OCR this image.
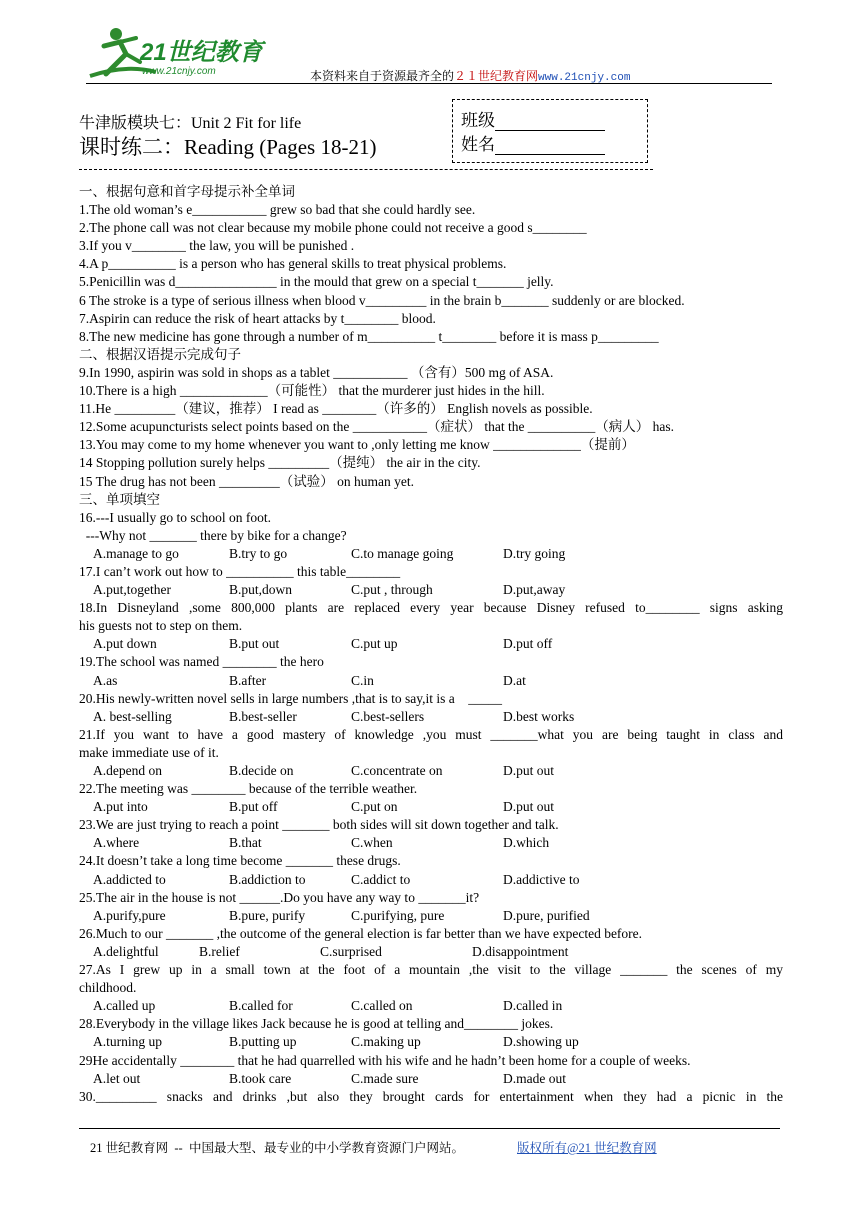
21世纪教育
www.21cnjy.com	本资料来自于资源最齐全的２１世纪教育网www.21cnjy.com
牛津版模块七：Unit 2 Fit for life
课时练二：Reading (Pages 18-21)
班级
姓名
一、根据句意和首字母提示补全单词
1.The old woman’s e___________ grew so bad that she could hardly see.
2.The phone call was not clear because my mobile phone could not receive a good s________
3.If you v________ the law, you will be punished .
4.A p__________ is a person who has general skills to treat physical problems.
5.Penicillin was d_______________ in the mould that grew on a special t_______ jelly.
6 The stroke is a type of serious illness when blood v_________ in the brain b_______ suddenly or are blocked.
7.Aspirin can reduce the risk of heart attacks by t________ blood.
8.The new medicine has gone through a number of m__________ t________ before it is mass p_________
二、根据汉语提示完成句子
9.In 1990, aspirin was sold in shops as a tablet ___________ （含有）500 mg of ASA.
10.There is a high _____________（可能性） that the murderer just hides in the hill.
11.He _________（建议，推荐） I read as ________（许多的） English novels as possible.
12.Some acupuncturists select points based on the ___________（症状） that the __________（病人） has.
13.You may come to my home whenever you want to ,only letting me know _____________（提前）
14 Stopping pollution surely helps _________（提纯） the air in the city.
15 The drug has not been _________（试验） on human yet.
三、单项填空
16.---I usually go to school on foot.
---Why not _______ there by bike for a change?
A.manage to go	B.try to go	C.to manage going	D.try going
17.I can’t work out how to __________ this table________
A.put,together	B.put,down	C.put , through	D.put,away
18.In Disneyland ,some 800,000 plants are replaced every year because Disney refused to________ signs asking
his guests not to step on them.
A.put down	B.put out	C.put up	D.put off
19.The school was named ________ the hero
A.as	B.after	C.in	D.at
20.His newly-written novel sells in large numbers ,that is to say,it is a    _____
A. best-selling	B.best-seller	C.best-sellers	D.best works
21.If you want to have a good mastery of knowledge ,you must _______what you are being taught in class and
make immediate use of it.
A.depend on	B.decide on	C.concentrate on	D.put out
22.The meeting was ________ because of the terrible weather.
A.put into	B.put off	C.put on	D.put out
23.We are just trying to reach a point _______ both sides will sit down together and talk.
A.where	B.that	C.when	D.which
24.It doesn’t take a long time become _______ these drugs.
A.addicted to	B.addiction to	C.addict to	D.addictive to
25.The air in the house is not ______.Do you have any way to _______it?
A.purify,pure	B.pure, purify	C.purifying, pure	D.pure, purified
26.Much to our _______ ,the outcome of the general election is far better than we have expected before.
A.delightful	B.relief	C.surprised	D.disappointment
27.As I grew up in a small town at the foot of a mountain ,the visit to the village _______ the scenes of my
childhood.
A.called up	B.called for	C.called on	D.called in
28.Everybody in the village likes Jack because he is good at telling and________ jokes.
A.turning up	B.putting up	C.making up	D.showing up
29He accidentally ________ that he had quarrelled with his wife and he hadn’t been home for a couple of weeks.
A.let out	B.took care	C.made sure	D.made out
30._________ snacks and drinks ,but also they brought cards for entertainment when they had a picnic in the
21 世纪教育网  --  中国最大型、最专业的中小学教育资源门户网站。	版权所有@21 世纪教育网
